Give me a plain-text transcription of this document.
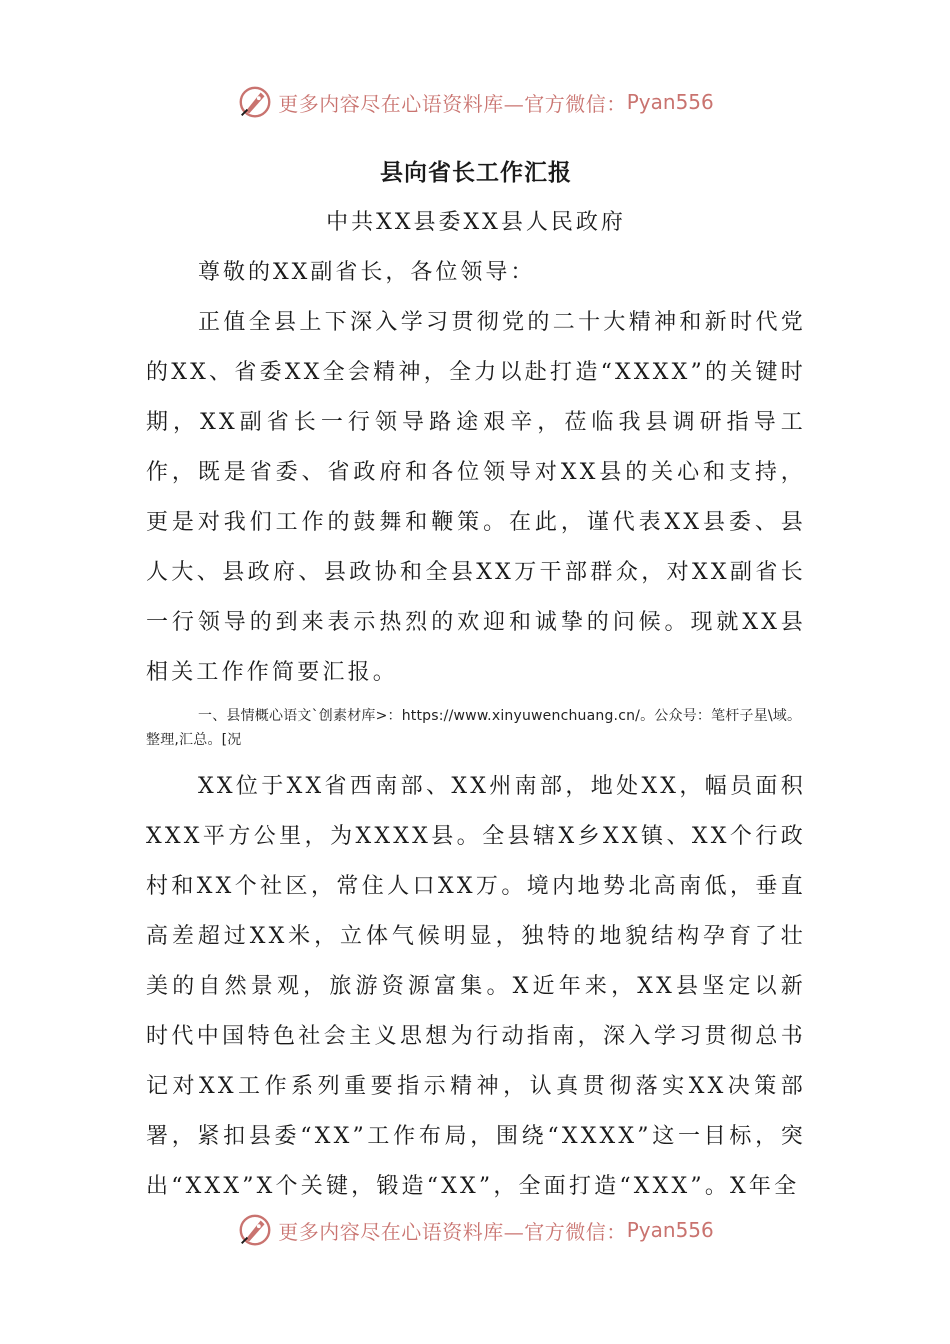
更多内容尽在心语资料库—官方微信： Pyan556
县向省长工作汇报
中共XX县委XX县人民政府
尊敬的XX副省长，各位领导：

正值全县上下深入学习贯彻党的二十大精神和新时代党的XX、省委XX全会精神，全力以赴打造“XXXX”的关键时期，XX副省长一行领导路途艰辛，莅临我县调研指导工作，既是省委、省政府和各位领导对XX县的关心和支持，更是对我们工作的鼓舞和鞭策。在此，谨代表XX县委、县人大、县政府、县政协和全县XX万干部群众，对XX副省长一行领导的到来表示热烈的欢迎和诚挚的问候。现就XX县相关工作作简要汇报。

一、县情概心语文`创素材库>：https://www.xinyuwenchuang.cn/。公众号：笔杆子星\域。整理,汇总。[况

XX位于XX省西南部、XX州南部，地处XX，幅员面积XXX平方公里，为XXXX县。全县辖X乡XX镇、XX个行政村和XX个社区，常住人口XX万。境内地势北高南低，垂直高差超过XX米，立体气候明显，独特的地貌结构孕育了壮美的自然景观，旅游资源富集。X近年来，XX县坚定以新时代中国特色社会主义思想为行动指南，深入学习贯彻总书记对XX工作系列重要指示精神，认真贯彻落实XX决策部署，紧扣县委“XX”工作布局，围绕“XXXX”这一目标，突出“XXX”X个关键，锻造“XX”，全面打造“XXX”。X年全

更多内容尽在心语资料库—官方微信： Pyan556
